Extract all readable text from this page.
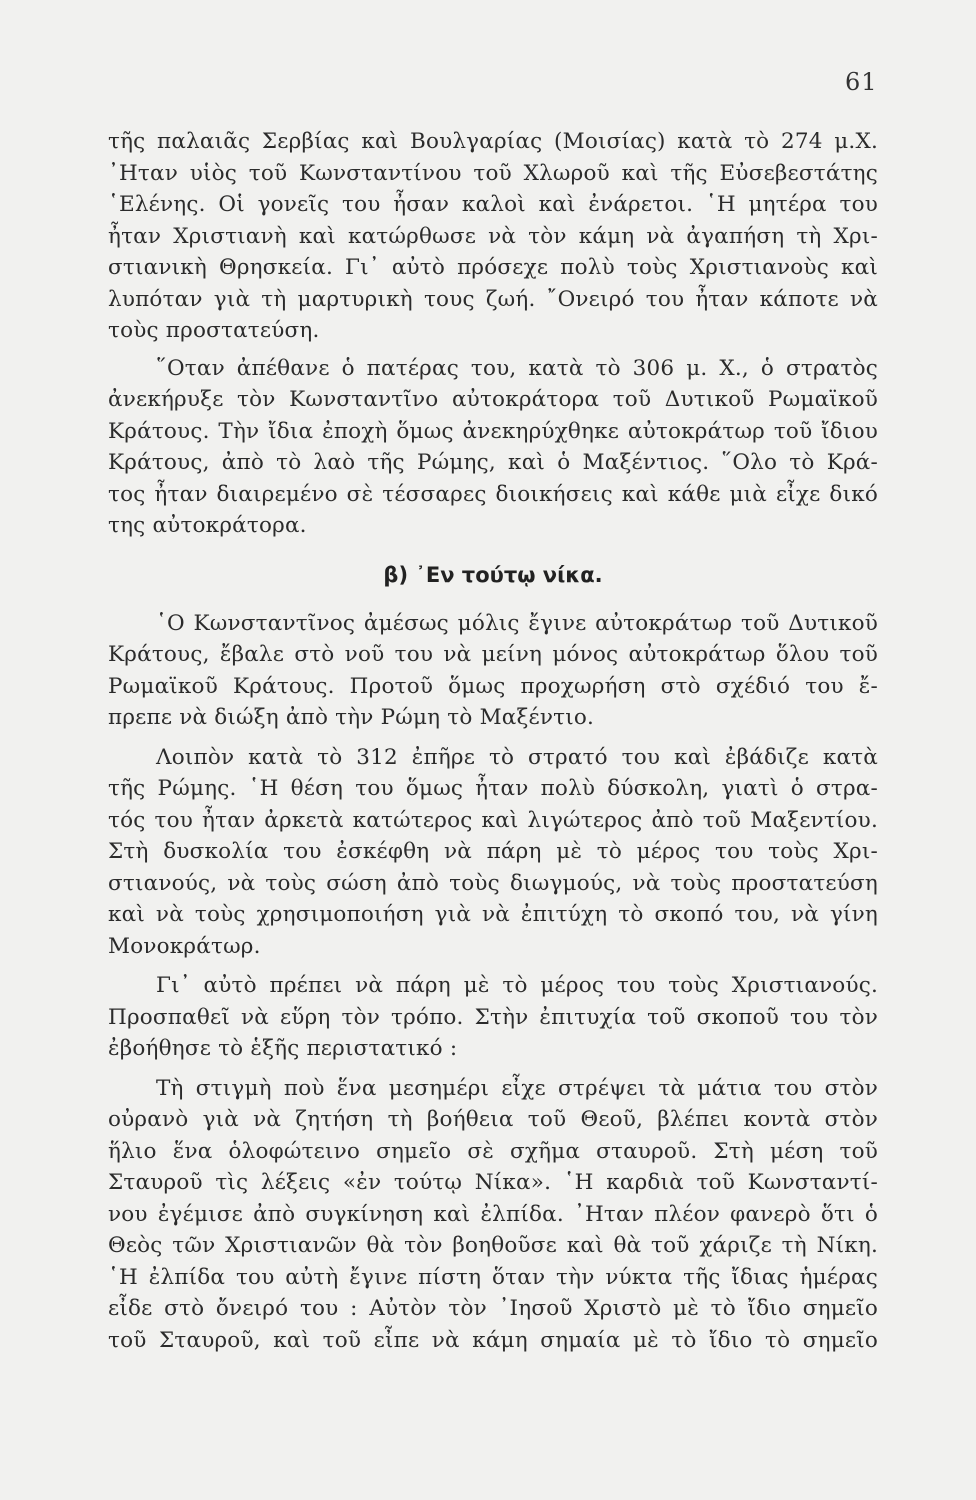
61
τῆς παλαιᾶς Σερβίας καὶ Βουλγαρίας (Μοισίας) κατὰ τὸ 274 μ.Χ.
᾿Ηταν υἱὸς τοῦ Κωνσταντίνου τοῦ Χλωροῦ καὶ τῆς Εὐσεβεστάτης
῾Ελένης. Οἱ γονεῖς του ἦσαν καλοὶ καὶ ἐνάρετοι. ῾Η μητέρα του
ἦταν Χριστιανὴ καὶ κατώρθωσε νὰ τὸν κάμη νὰ ἀγαπήση τὴ Χρι-
στιανικὴ Θρησκεία. Γι᾿ αὐτὸ πρόσεχε πολὺ τοὺς Χριστιανοὺς καὶ
λυπόταν γιὰ τὴ μαρτυρικὴ τους ζωή. ῎Ονειρό του ἦταν κάποτε νὰ
τοὺς προστατεύση.
῞Οταν ἀπέθανε ὁ πατέρας του, κατὰ τὸ 306 μ. Χ., ὁ στρατὸς
ἀνεκήρυξε τὸν Κωνσταντῖνο αὐτοκράτορα τοῦ Δυτικοῦ Ρωμαϊκοῦ
Κράτους. Τὴν ἴδια ἐποχὴ ὅμως ἀνεκηρύχθηκε αὐτοκράτωρ τοῦ ἴδιου
Κράτους, ἀπὸ τὸ λαὸ τῆς Ρώμης, καὶ ὁ Μαξέντιος. ῞Ολο τὸ Κρά-
τος ἦταν διαιρεμένο σὲ τέσσαρες διοικήσεις καὶ κάθε μιὰ εἶχε δικό
της αὐτοκράτορα.
β) ᾿Εν τούτῳ νίκα.
῾Ο Κωνσταντῖνος ἀμέσως μόλις ἔγινε αὐτοκράτωρ τοῦ Δυτικοῦ
Κράτους, ἔβαλε στὸ νοῦ του νὰ μείνη μόνος αὐτοκράτωρ ὅλου τοῦ
Ρωμαϊκοῦ Κράτους. Προτοῦ ὅμως προχωρήση στὸ σχέδιό του ἔ-
πρεπε νὰ διώξη ἀπὸ τὴν Ρώμη τὸ Μαξέντιο.
Λοιπὸν κατὰ τὸ 312 ἐπῆρε τὸ στρατό του καὶ ἐβάδιζε κατὰ
τῆς Ρώμης. ῾Η θέση του ὅμως ἦταν πολὺ δύσκολη, γιατὶ ὁ στρα-
τός του ἦταν ἀρκετὰ κατώτερος καὶ λιγώτερος ἀπὸ τοῦ Μαξεντίου.
Στὴ δυσκολία του ἐσκέφθη νὰ πάρη μὲ τὸ μέρος του τοὺς Χρι-
στιανούς, νὰ τοὺς σώση ἀπὸ τοὺς διωγμούς, νὰ τοὺς προστατεύση
καὶ νὰ τοὺς χρησιμοποιήση γιὰ νὰ ἐπιτύχη τὸ σκοπό του, νὰ γίνη
Μονοκράτωρ.
Γι᾿ αὐτὸ πρέπει νὰ πάρη μὲ τὸ μέρος του τοὺς Χριστιανούς.
Προσπαθεῖ νὰ εὕρη τὸν τρόπο. Στὴν ἐπιτυχία τοῦ σκοποῦ του τὸν
ἐβοήθησε τὸ ἑξῆς περιστατικό :
Τὴ στιγμὴ ποὺ ἕνα μεσημέρι εἶχε στρέψει τὰ μάτια του στὸν
οὐρανὸ γιὰ νὰ ζητήση τὴ βοήθεια τοῦ Θεοῦ, βλέπει κοντὰ στὸν
ἥλιο ἕνα ὁλοφώτεινο σημεῖο σὲ σχῆμα σταυροῦ. Στὴ μέση τοῦ
Σταυροῦ τὶς λέξεις «ἐν τούτῳ Νίκα». ῾Η καρδιὰ τοῦ Κωνσταντί-
νου ἐγέμισε ἀπὸ συγκίνηση καὶ ἐλπίδα. ᾿Ηταν πλέον φανερὸ ὅτι ὁ
Θεὸς τῶν Χριστιανῶν θὰ τὸν βοηθοῦσε καὶ θὰ τοῦ χάριζε τὴ Νίκη.
῾Η ἐλπίδα του αὐτὴ ἔγινε πίστη ὅταν τὴν νύκτα τῆς ἴδιας ἡμέρας
εἶδε στὸ ὄνειρό του : Αὐτὸν τὸν ᾿Ιησοῦ Χριστὸ μὲ τὸ ἴδιο σημεῖο
τοῦ Σταυροῦ, καὶ τοῦ εἶπε νὰ κάμη σημαία μὲ τὸ ἴδιο τὸ σημεῖο
